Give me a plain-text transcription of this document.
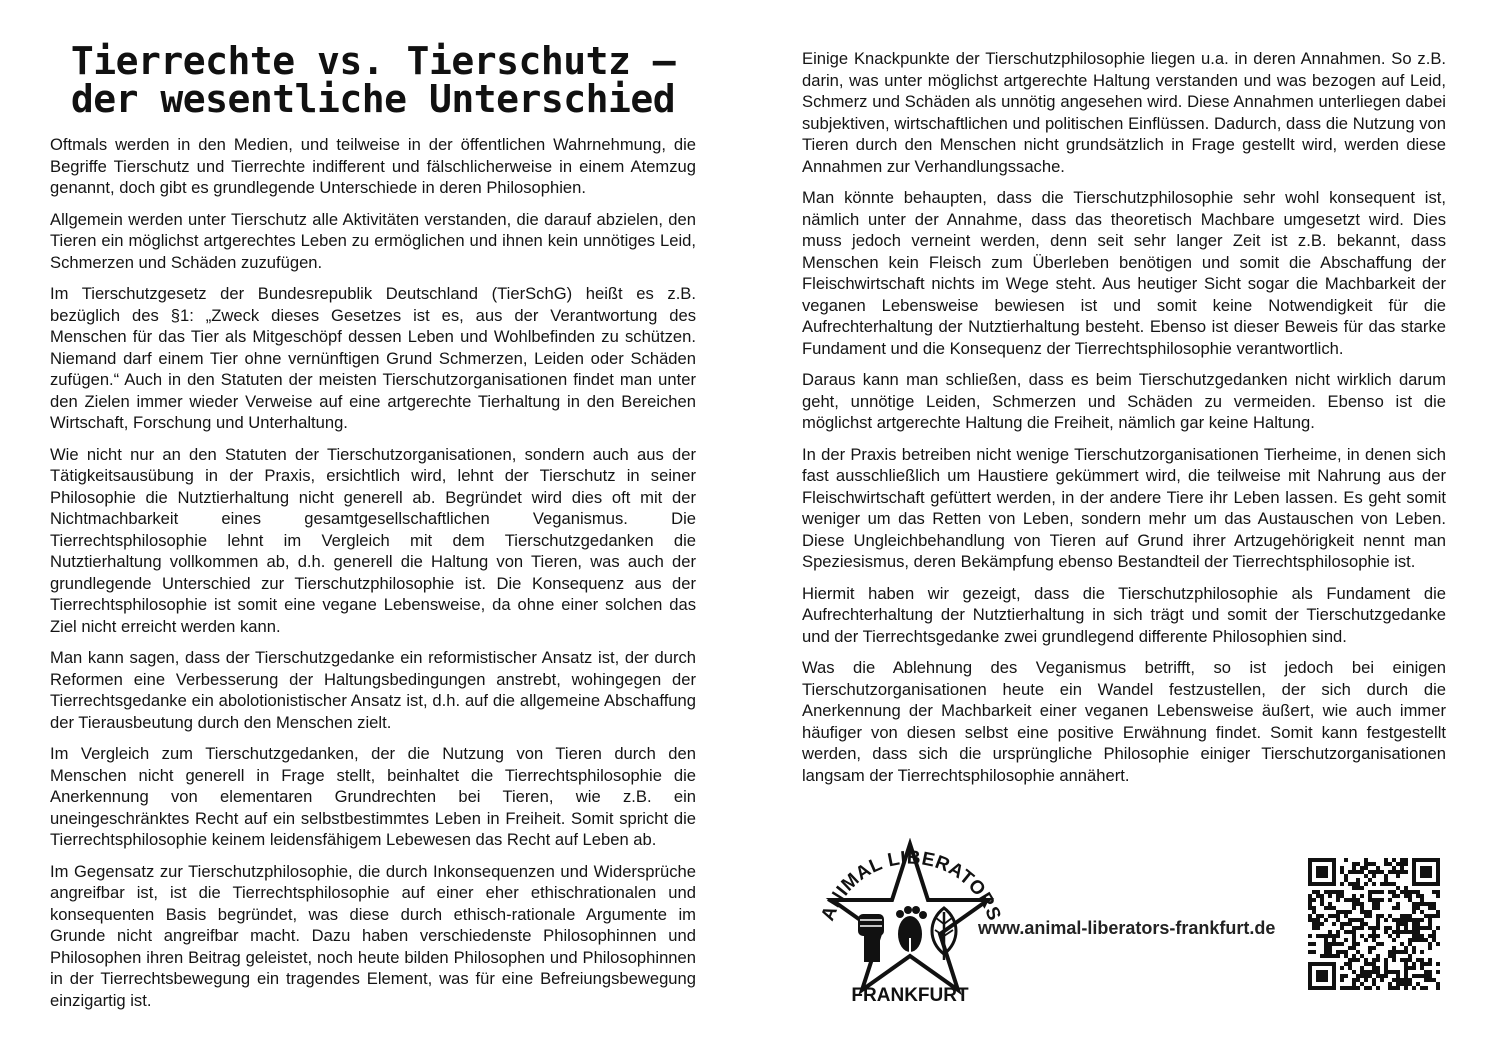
Tierrechte vs. Tierschutz –
der wesentliche Unterschied

Oftmals werden in den Medien, und teilweise in der öffentlichen Wahrnehmung, die Begriffe Tierschutz und Tierrechte indifferent und fälschlicherweise in einem Atemzug genannt, doch gibt es grundlegende Unterschiede in deren Philosophien.

Allgemein werden unter Tierschutz alle Aktivitäten verstanden, die darauf abzielen, den Tieren ein möglichst artgerechtes Leben zu ermöglichen und ihnen kein unnötiges Leid, Schmerzen und Schäden zuzufügen.

Im Tierschutzgesetz der Bundesrepublik Deutschland (TierSchG) heißt es z.B. bezüglich des §1: „Zweck dieses Gesetzes ist es, aus der Verantwortung des Menschen für das Tier als Mitgeschöpf dessen Leben und Wohlbefinden zu schützen. Niemand darf einem Tier ohne vernünftigen Grund Schmerzen, Leiden oder Schäden zufügen.“ Auch in den Statuten der meisten Tierschutzorganisationen findet man unter den Zielen immer wieder Verweise auf eine artgerechte Tierhaltung in den Bereichen Wirtschaft, Forschung und Unterhaltung.

Wie nicht nur an den Statuten der Tierschutzorganisationen, sondern auch aus der Tätigkeitsausübung in der Praxis, ersichtlich wird, lehnt der Tierschutz in seiner Philosophie die Nutztierhaltung nicht generell ab. Begründet wird dies oft mit der Nichtmachbarkeit eines gesamtgesellschaftlichen Veganismus. Die Tierrechtsphilosophie lehnt im Vergleich mit dem Tierschutzgedanken die Nutztierhaltung vollkommen ab, d.h. generell die Haltung von Tieren, was auch der grundlegende Unterschied zur Tierschutzphilosophie ist. Die Konsequenz aus der Tierrechtsphilosophie ist somit eine vegane Lebensweise, da ohne einer solchen das Ziel nicht erreicht werden kann.

Man kann sagen, dass der Tierschutzgedanke ein reformistischer Ansatz ist, der durch Reformen eine Verbesserung der Haltungsbedingungen anstrebt, wohingegen der Tierrechtsgedanke ein abolotionistischer Ansatz ist, d.h. auf die allgemeine Abschaffung der Tierausbeutung durch den Menschen zielt.

Im Vergleich zum Tierschutzgedanken, der die Nutzung von Tieren durch den Menschen nicht generell in Frage stellt, beinhaltet die Tierrechtsphilosophie die Anerkennung von elementaren Grundrechten bei Tieren, wie z.B. ein uneingeschränktes Recht auf ein selbstbestimmtes Leben in Freiheit. Somit spricht die Tierrechtsphilosophie keinem leidensfähigem Lebewesen das Recht auf Leben ab.

Im Gegensatz zur Tierschutzphilosophie, die durch Inkonsequenzen und Widersprüche angreifbar ist, ist die Tierrechtsphilosophie auf einer eher ethischrationalen und konsequenten Basis begründet, was diese durch ethisch-rationale Argumente im Grunde nicht angreifbar macht. Dazu haben verschiedenste Philosophinnen und Philosophen ihren Beitrag geleistet, noch heute bilden Philosophen und Philosophinnen in der Tierrechtsbewegung ein tragendes Element, was für eine Befreiungsbewegung einzigartig ist.

Einige Knackpunkte der Tierschutzphilosophie liegen u.a. in deren Annahmen. So z.B. darin, was unter möglichst artgerechte Haltung verstanden und was bezogen auf Leid, Schmerz und Schäden als unnötig angesehen wird. Diese Annahmen unterliegen dabei subjektiven, wirtschaftlichen und politischen Einflüssen. Dadurch, dass die Nutzung von Tieren durch den Menschen nicht grundsätzlich in Frage gestellt wird, werden diese Annahmen zur Verhandlungssache.

Man könnte behaupten, dass die Tierschutzphilosophie sehr wohl konsequent ist, nämlich unter der Annahme, dass das theoretisch Machbare umgesetzt wird. Dies muss jedoch verneint werden, denn seit sehr langer Zeit ist z.B. bekannt, dass Menschen kein Fleisch zum Überleben benötigen und somit die Abschaffung der Fleischwirtschaft nichts im Wege steht. Aus heutiger Sicht sogar die Machbarkeit der veganen Lebensweise bewiesen ist und somit keine Notwendigkeit für die Aufrechterhaltung der Nutztierhaltung besteht. Ebenso ist dieser Beweis für das starke Fundament und die Konsequenz der Tierrechtsphilosophie verantwortlich.

Daraus kann man schließen, dass es beim Tierschutzgedanken nicht wirklich darum geht, unnötige Leiden, Schmerzen und Schäden zu vermeiden. Ebenso ist die möglichst artgerechte Haltung die Freiheit, nämlich gar keine Haltung.

In der Praxis betreiben nicht wenige Tierschutzorganisationen Tierheime, in denen sich fast ausschließlich um Haustiere gekümmert wird, die teilweise mit Nahrung aus der Fleischwirtschaft gefüttert werden, in der andere Tiere ihr Leben lassen. Es geht somit weniger um das Retten von Leben, sondern mehr um das Austauschen von Leben. Diese Ungleichbehandlung von Tieren auf Grund ihrer Artzugehörigkeit nennt man Speziesismus, deren Bekämpfung ebenso Bestandteil der Tierrechtsphilosophie ist.

Hiermit haben wir gezeigt, dass die Tierschutzphilosophie als Fundament die Aufrechterhaltung der Nutztierhaltung in sich trägt und somit der Tierschutzgedanke und der Tierrechtsgedanke zwei grundlegend differente Philosophien sind.

Was die Ablehnung des Veganismus betrifft, so ist jedoch bei einigen Tierschutzorganisationen heute ein Wandel festzustellen, der sich durch die Anerkennung der Machbarkeit einer veganen Lebensweise äußert, wie auch immer häufiger von diesen selbst eine positive Erwähnung findet. Somit kann festgestellt werden, dass sich die ursprüngliche Philosophie einiger Tierschutzorganisationen langsam der Tierrechtsphilosophie annähert.

ANIMAL LIBERATORS
FRANKFURT
www.animal-liberators-frankfurt.de
